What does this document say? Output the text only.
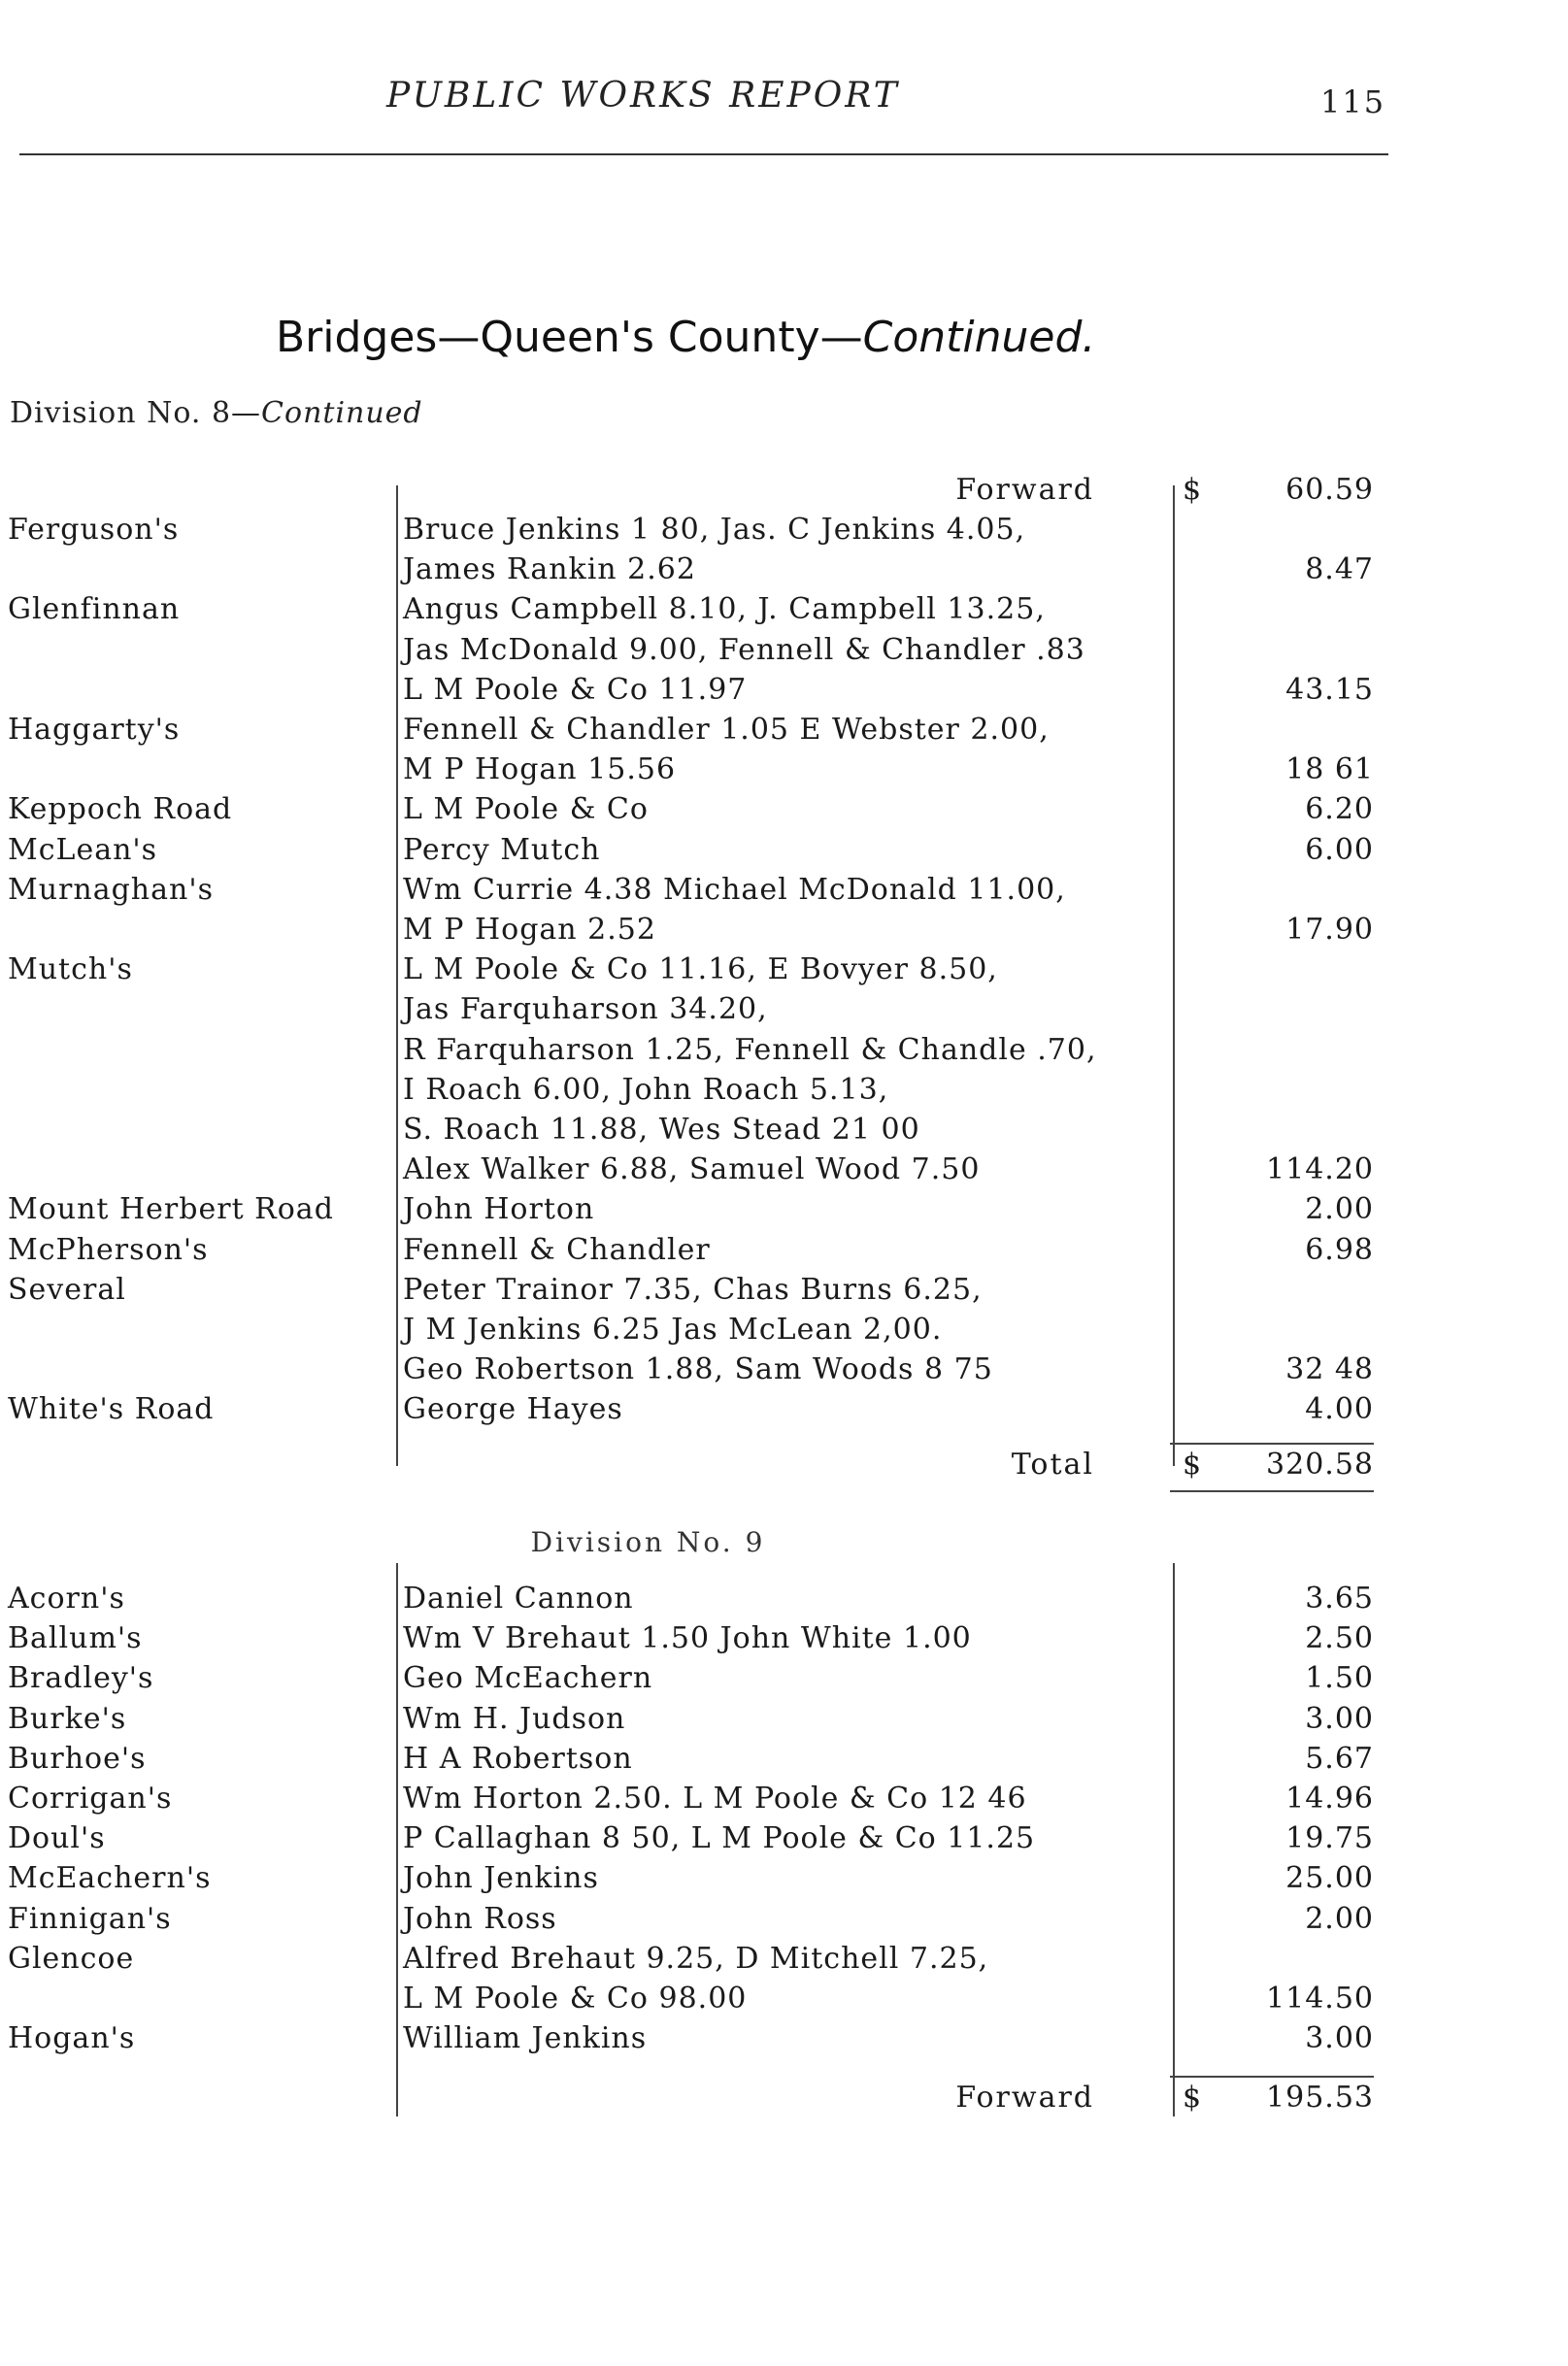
PUBLIC WORKS REPORT	115
Bridges—Queen's County—Continued.
Division No. 8—Continued
Forward	$	60.59
Ferguson's	Bruce Jenkins 1 80, Jas. C Jenkins 4.05,
James Rankin 2.62	8.47
Glenfinnan	Angus Campbell 8.10, J. Campbell 13.25,
Jas McDonald 9.00, Fennell & Chandler .83
L M Poole & Co 11.97	43.15
Haggarty's	Fennell & Chandler 1.05 E Webster 2.00,
M P Hogan 15.56	18 61
Keppoch Road	L M Poole & Co	6.20
McLean's	Percy Mutch	6.00
Murnaghan's	Wm Currie 4.38 Michael McDonald 11.00,
M P Hogan 2.52	17.90
Mutch's	L M Poole & Co 11.16, E Bovyer 8.50,
Jas Farquharson 34.20,
R Farquharson 1.25, Fennell & Chandle .70,
I Roach 6.00, John Roach 5.13,
S. Roach 11.88, Wes Stead 21 00
Alex Walker 6.88, Samuel Wood 7.50	114.20
Mount Herbert Road John Horton	2.00
McPherson's	Fennell & Chandler	6.98
Several	Peter Trainor 7.35, Chas Burns 6.25,
J M Jenkins 6.25 Jas McLean 2,00.
Geo Robertson 1.88, Sam Woods 8 75	32 48
White's Road	George Hayes	4.00
Total	$ 320.58
Division No. 9
Acorn's	Daniel Cannon	3.65
Ballum's	Wm V Brehaut 1.50 John White 1.00	2.50
Bradley's	Geo McEachern	1.50
Burke's	Wm H. Judson	3.00
Burhoe's	H A Robertson	5.67
Corrigan's	Wm Horton 2.50. L M Poole & Co 12 46	14.96
Doul's	P Callaghan 8 50, L M Poole & Co 11.25	19.75
McEachern's	John Jenkins	25.00
Finnigan's	John Ross	2.00
Glencoe	Alfred Brehaut 9.25, D Mitchell 7.25,
L M Poole & Co 98.00	114.50
Hogan's	William Jenkins	3.00
Forward	$ 195.53
